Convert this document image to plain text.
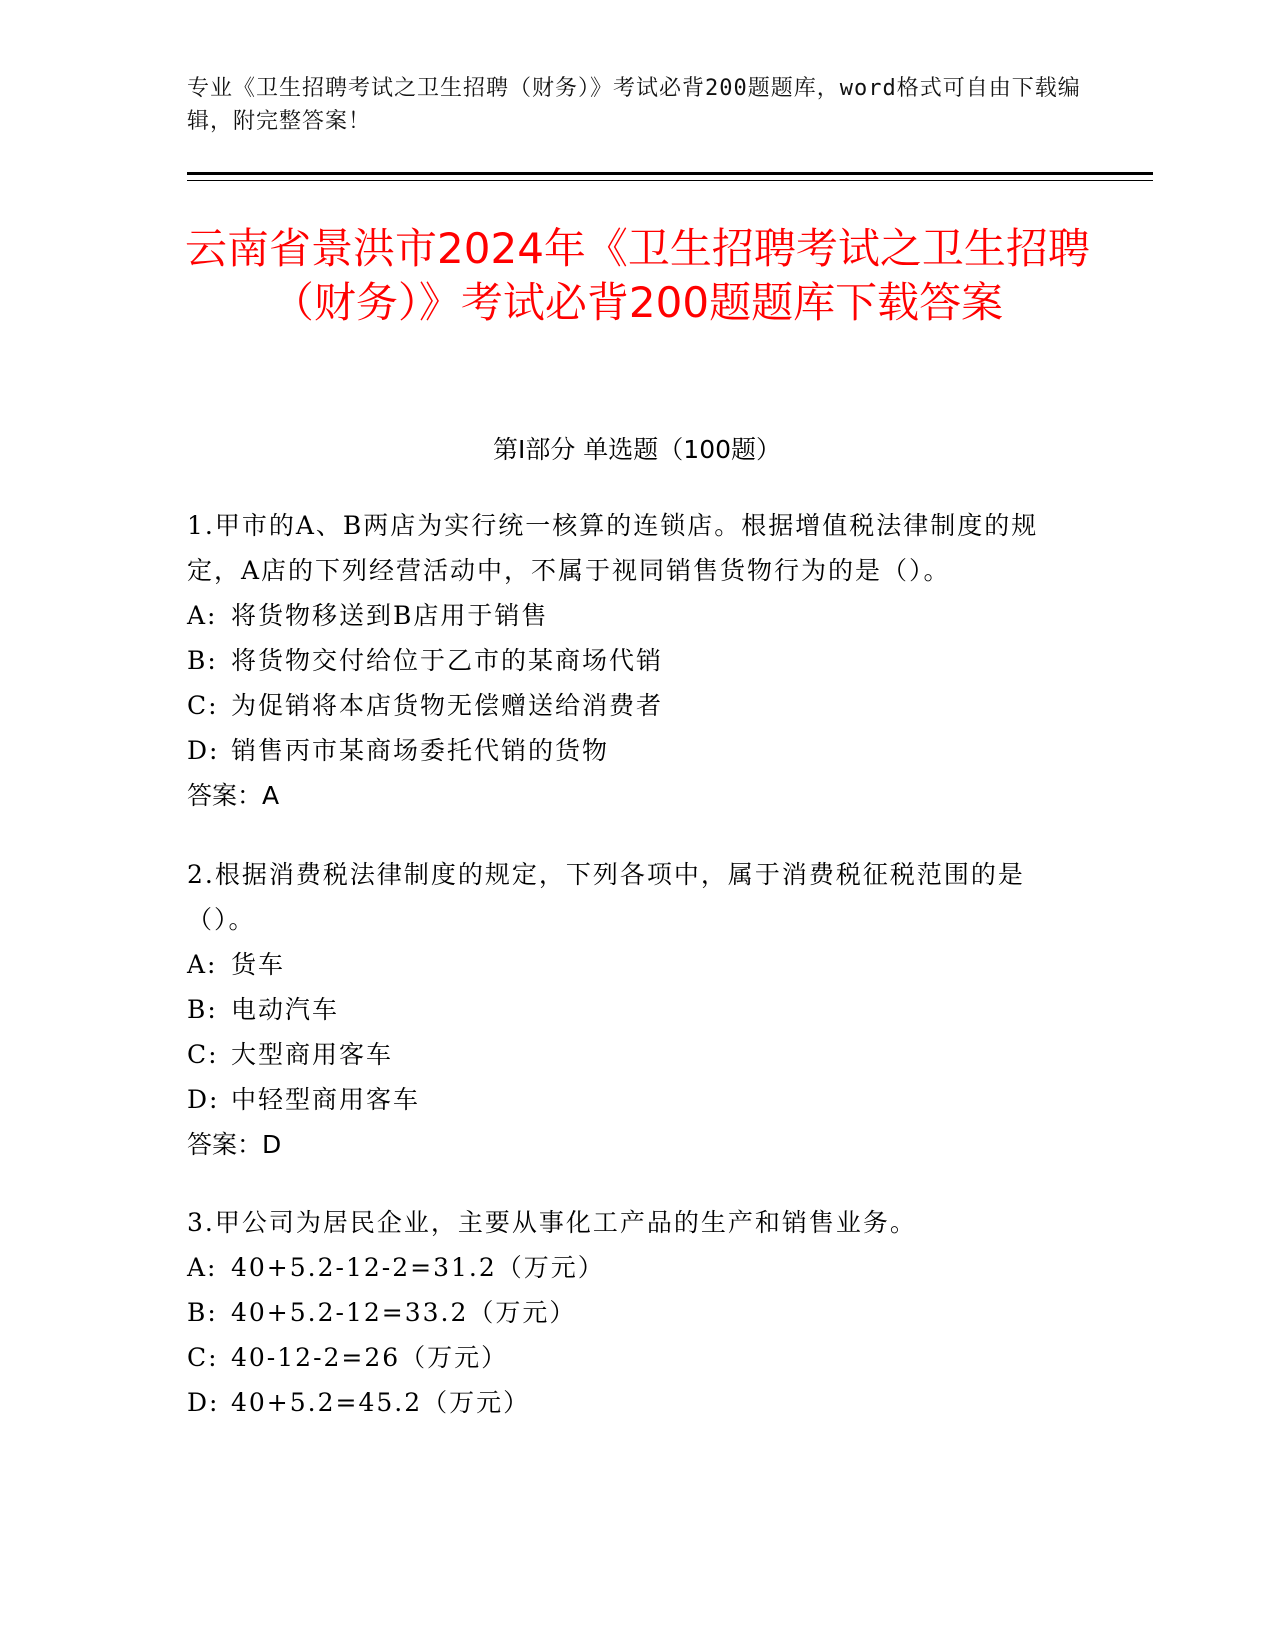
专业《卫生招聘考试之卫生招聘（财务）》考试必背200题题库，word格式可自由下载编辑，附完整答案！
云南省景洪市2024年《卫生招聘考试之卫生招聘（财务）》考试必背200题题库下载答案
第Ⅰ部分 单选题（100题）

1.甲市的A、B两店为实行统一核算的连锁店。根据增值税法律制度的规定，A店的下列经营活动中，不属于视同销售货物行为的是（）。

A: 将货物移送到B店用于销售

B: 将货物交付给位于乙市的某商场代销

C: 为促销将本店货物无偿赠送给消费者

D: 销售丙市某商场委托代销的货物

答案：A

2.根据消费税法律制度的规定，下列各项中，属于消费税征税范围的是（）。

A: 货车

B: 电动汽车

C: 大型商用客车

D: 中轻型商用客车

答案：D

3.甲公司为居民企业，主要从事化工产品的生产和销售业务。

A: 40+5.2-12-2=31.2（万元）

B: 40+5.2-12=33.2（万元）

C: 40-12-2=26（万元）

D: 40+5.2=45.2（万元）
